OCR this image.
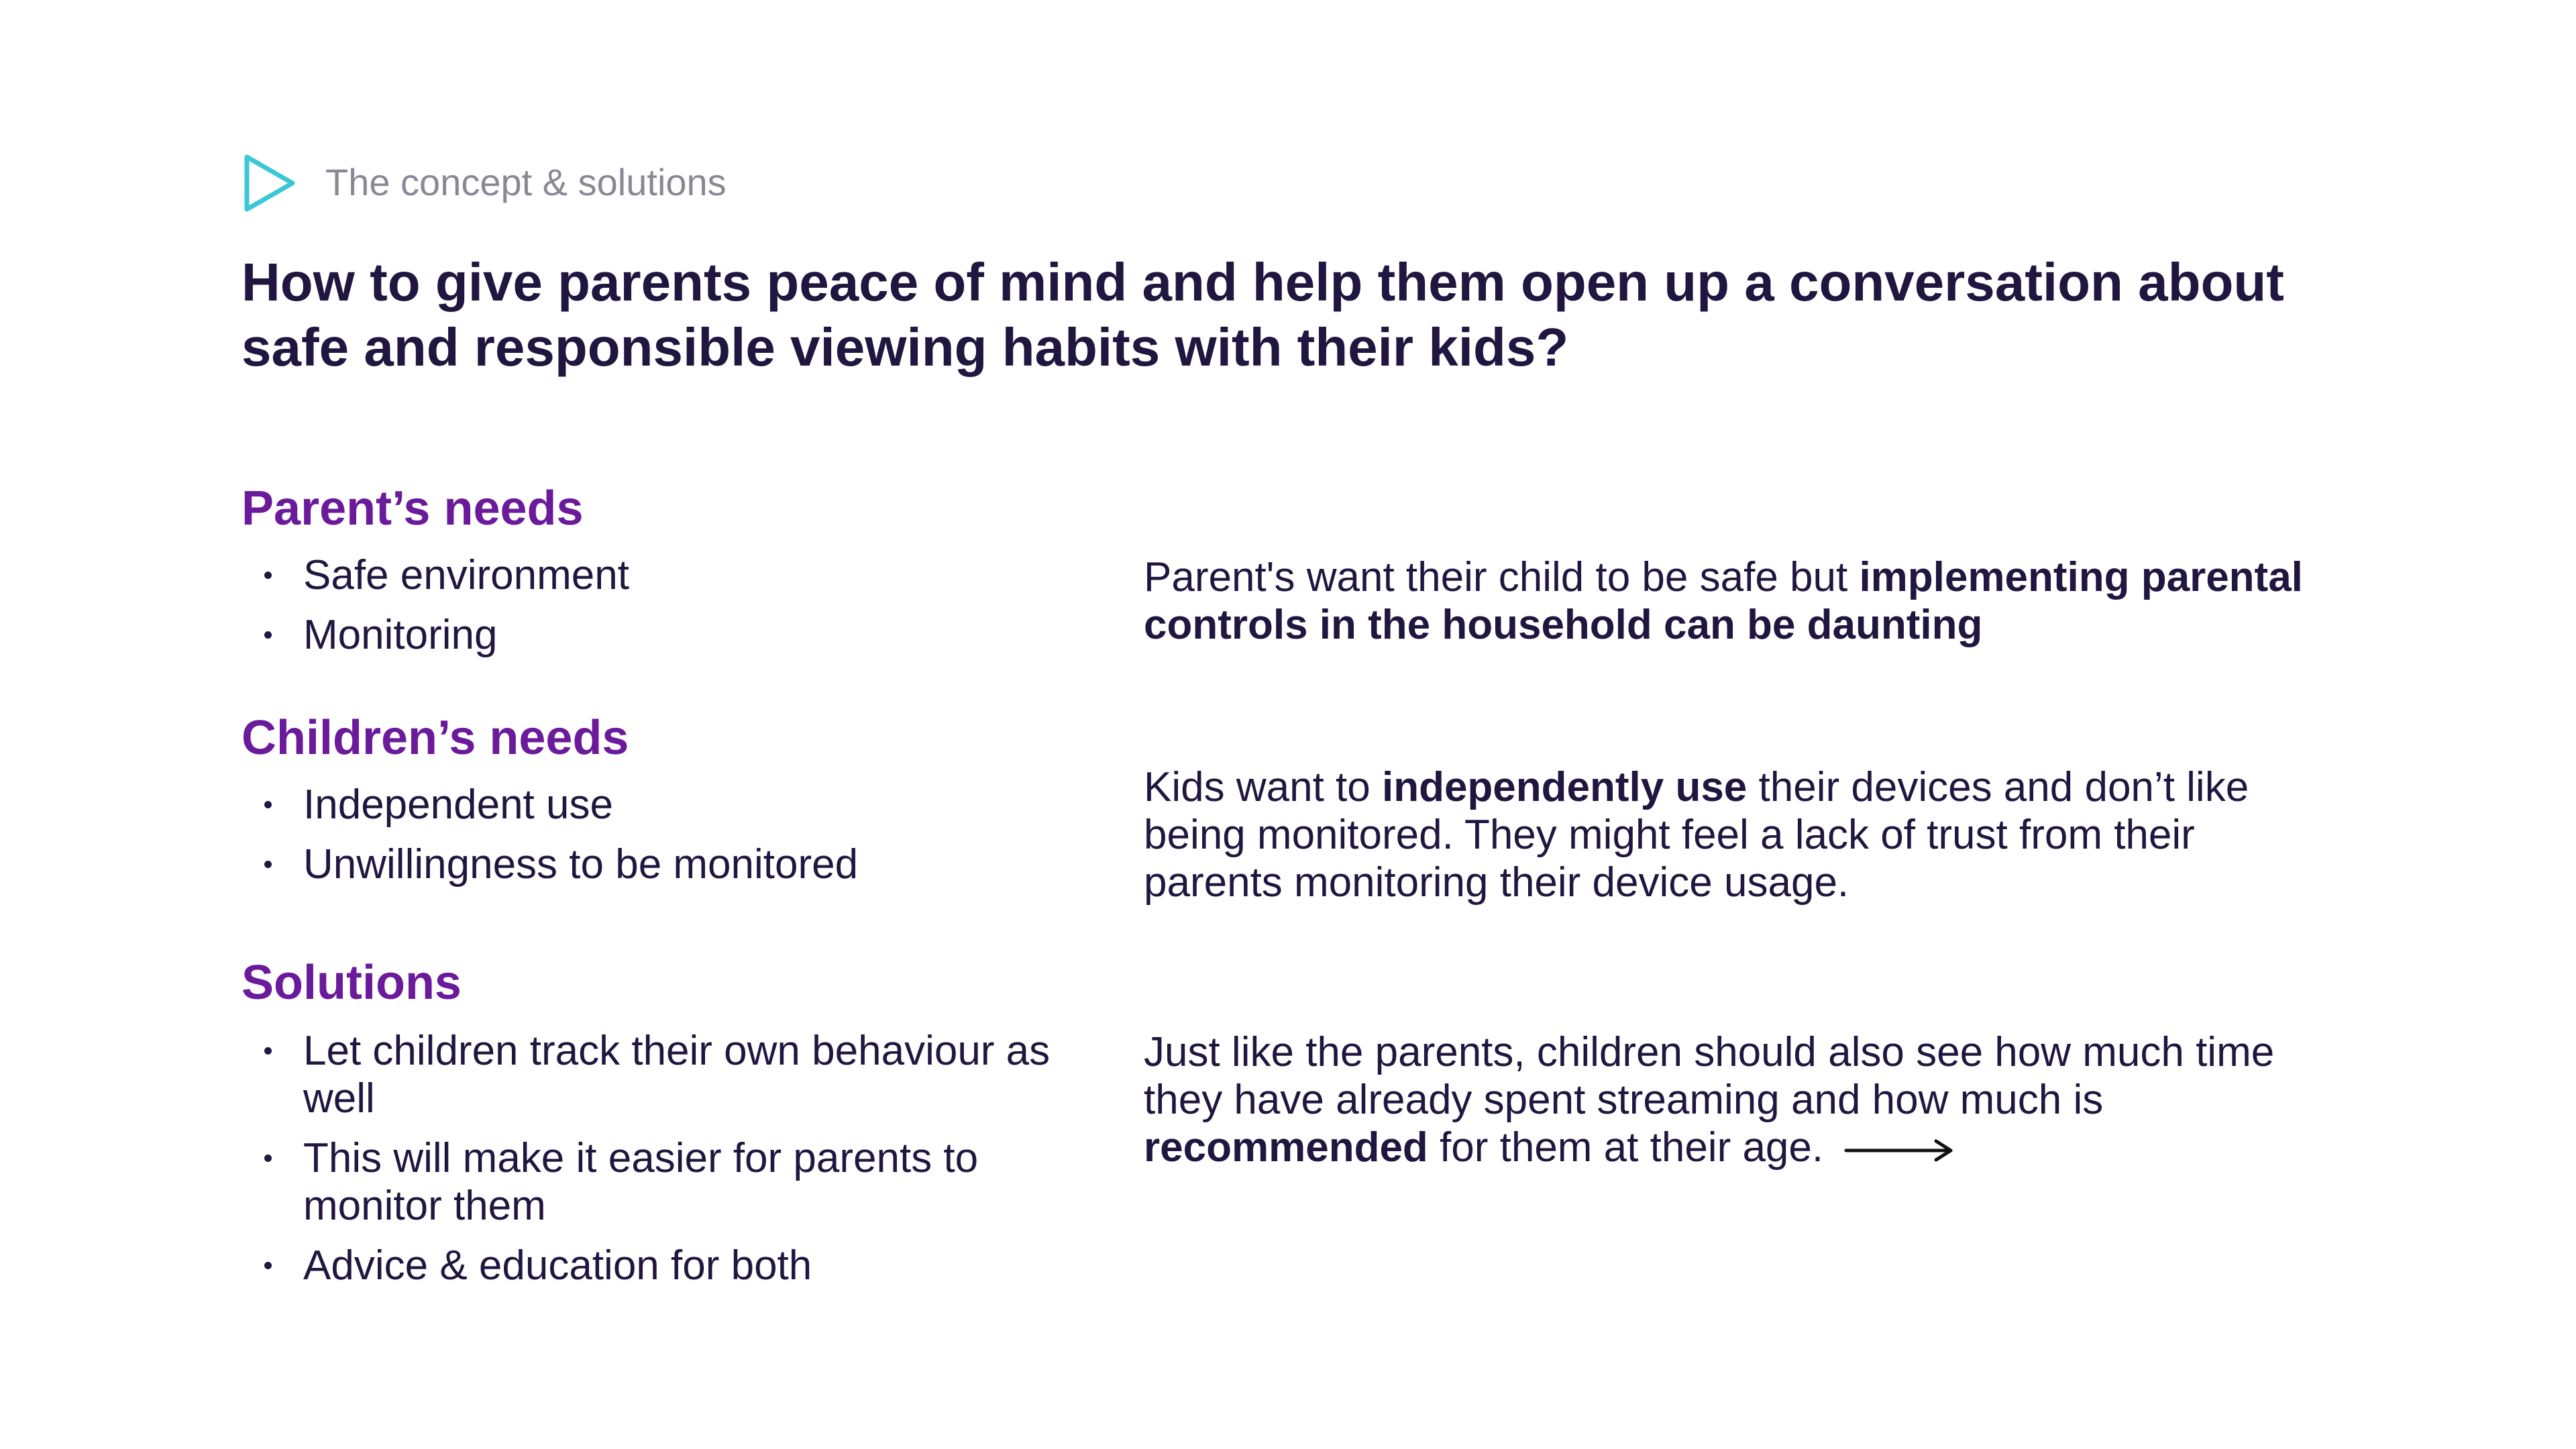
The concept & solutions
How to give parents peace of mind and help them open up a conversation about safe and responsible viewing habits with their kids?
Parent’s needs
Safe environment
Monitoring
Children’s needs
Independent use
Unwillingness to be monitored
Solutions
Let children track their own behaviour as well
This will make it easier for parents to monitor them
Advice & education for both

Parent's want their child to be safe but implementing parental controls in the household can be daunting

Kids want to independently use their devices and don’t like being monitored. They might feel a lack of trust from their parents monitoring their device usage.

Just like the parents, children should also see how much time they have already spent streaming and how much is recommended for them at their age.
